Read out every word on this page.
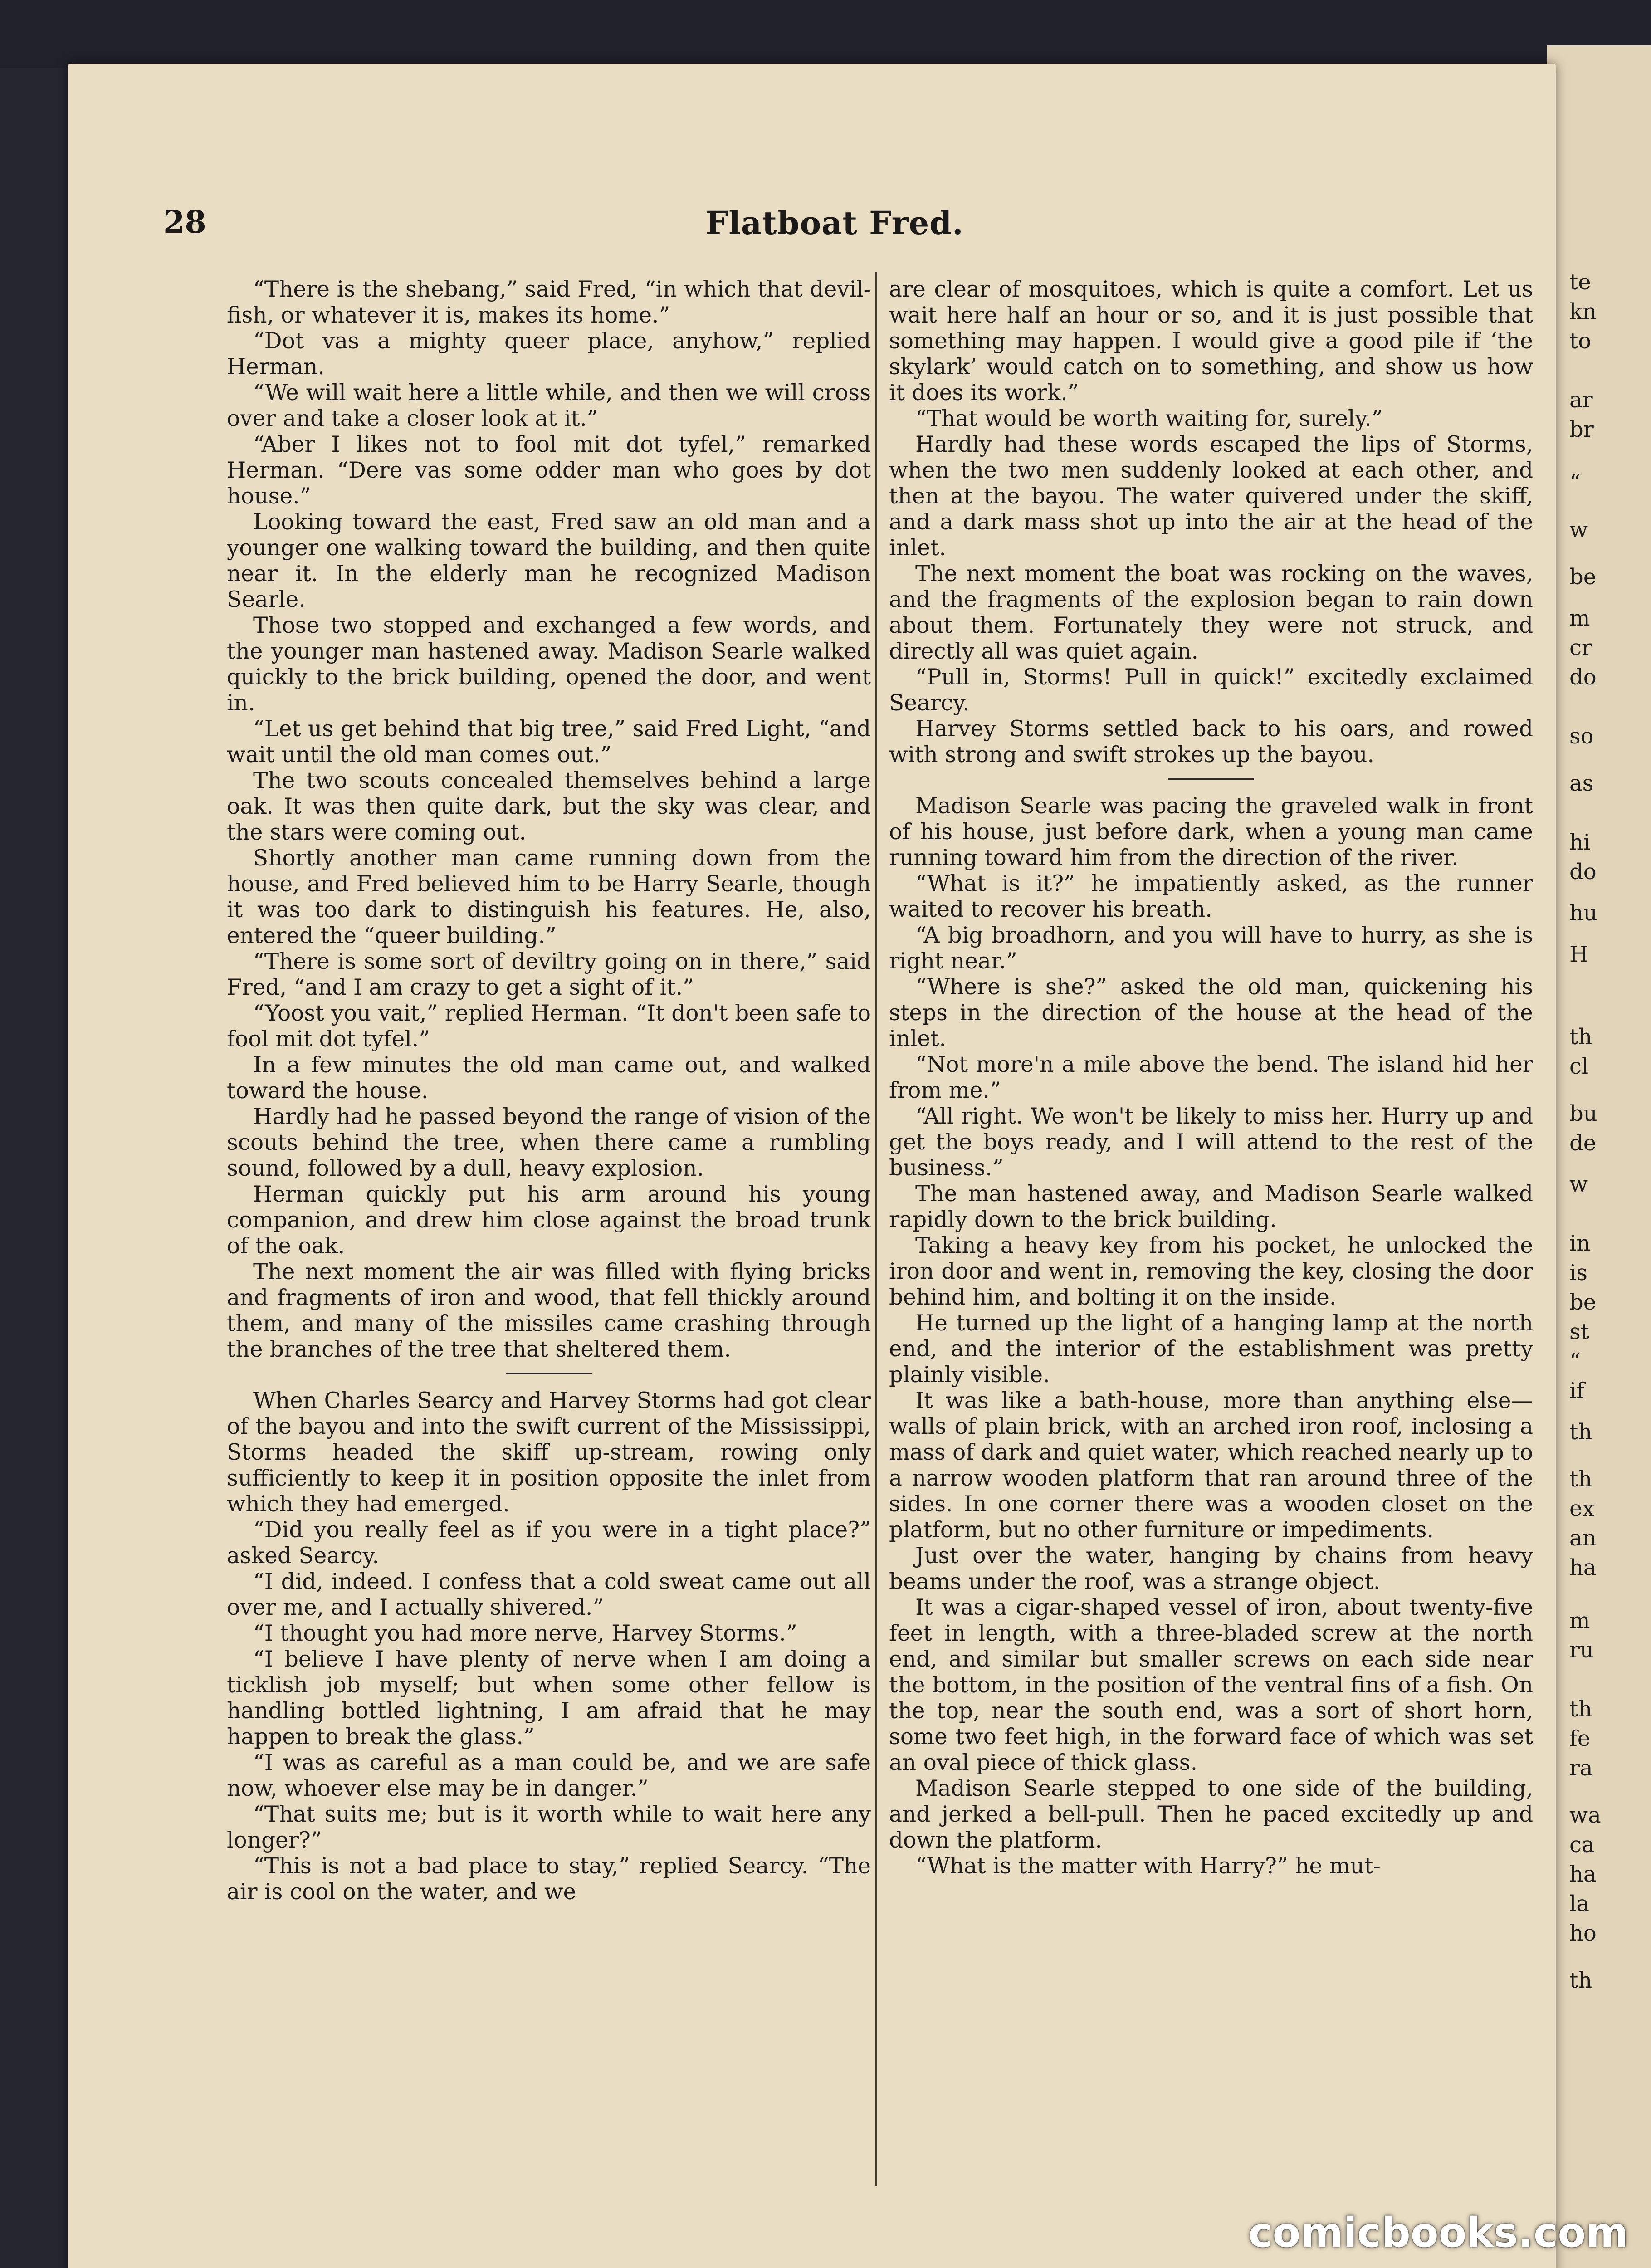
te
kn
to
ar
br
“
w
be
m
cr
do
so
as
hi
do
hu
H
th
cl
bu
de
w
in
is
be
st
“
if
th
th
ex
an
ha
m
ru
th
fe
ra
wa
ca
ha
la
ho
th
28	Flatboat Fred.

“There is the shebang,” said Fred, “in which that devil-fish, or whatever it is, makes its home.”

“Dot vas a mighty queer place, anyhow,” replied Herman.

“We will wait here a little while, and then we will cross over and take a closer look at it.”

“Aber I likes not to fool mit dot tyfel,” remarked Herman. “Dere vas some odder man who goes by dot house.”

Looking toward the east, Fred saw an old man and a younger one walking toward the building, and then quite near it. In the elderly man he recognized Madison Searle.

Those two stopped and exchanged a few words, and the younger man hastened away. Madison Searle walked quickly to the brick building, opened the door, and went in.

“Let us get behind that big tree,” said Fred Light, “and wait until the old man comes out.”

The two scouts concealed themselves behind a large oak. It was then quite dark, but the sky was clear, and the stars were coming out.

Shortly another man came running down from the house, and Fred believed him to be Harry Searle, though it was too dark to distinguish his features. He, also, entered the “queer building.”

“There is some sort of deviltry going on in there,” said Fred, “and I am crazy to get a sight of it.”

“Yoost you vait,” replied Herman. “It don't been safe to fool mit dot tyfel.”

In a few minutes the old man came out, and walked toward the house.

Hardly had he passed beyond the range of vision of the scouts behind the tree, when there came a rumbling sound, followed by a dull, heavy explosion.

Herman quickly put his arm around his young companion, and drew him close against the broad trunk of the oak.

The next moment the air was filled with flying bricks and fragments of iron and wood, that fell thickly around them, and many of the missiles came crashing through the branches of the tree that sheltered them.

When Charles Searcy and Harvey Storms had got clear of the bayou and into the swift current of the Mississippi, Storms headed the skiff up-stream, rowing only sufficiently to keep it in position opposite the inlet from which they had emerged.

“Did you really feel as if you were in a tight place?” asked Searcy.

“I did, indeed. I confess that a cold sweat came out all over me, and I actually shivered.”

“I thought you had more nerve, Harvey Storms.”

“I believe I have plenty of nerve when I am doing a ticklish job myself; but when some other fellow is handling bottled lightning, I am afraid that he may happen to break the glass.”

“I was as careful as a man could be, and we are safe now, whoever else may be in danger.”

“That suits me; but is it worth while to wait here any longer?”

“This is not a bad place to stay,” replied Searcy. “The air is cool on the water, and we

are clear of mosquitoes, which is quite a comfort. Let us wait here half an hour or so, and it is just possible that something may happen. I would give a good pile if ‘the skylark’ would catch on to something, and show us how it does its work.”

“That would be worth waiting for, surely.”

Hardly had these words escaped the lips of Storms, when the two men suddenly looked at each other, and then at the bayou. The water quivered under the skiff, and a dark mass shot up into the air at the head of the inlet.

The next moment the boat was rocking on the waves, and the fragments of the explosion began to rain down about them. Fortunately they were not struck, and directly all was quiet again.

“Pull in, Storms! Pull in quick!” excitedly exclaimed Searcy.

Harvey Storms settled back to his oars, and rowed with strong and swift strokes up the bayou.

Madison Searle was pacing the graveled walk in front of his house, just before dark, when a young man came running toward him from the direction of the river.

“What is it?” he impatiently asked, as the runner waited to recover his breath.

“A big broadhorn, and you will have to hurry, as she is right near.”

“Where is she?” asked the old man, quickening his steps in the direction of the house at the head of the inlet.

“Not more'n a mile above the bend. The island hid her from me.”

“All right. We won't be likely to miss her. Hurry up and get the boys ready, and I will attend to the rest of the business.”

The man hastened away, and Madison Searle walked rapidly down to the brick building.

Taking a heavy key from his pocket, he unlocked the iron door and went in, removing the key, closing the door behind him, and bolting it on the inside.

He turned up the light of a hanging lamp at the north end, and the interior of the establishment was pretty plainly visible.

It was like a bath-house, more than anything else—walls of plain brick, with an arched iron roof, inclosing a mass of dark and quiet water, which reached nearly up to a narrow wooden platform that ran around three of the sides. In one corner there was a wooden closet on the platform, but no other furniture or impediments.

Just over the water, hanging by chains from heavy beams under the roof, was a strange object.

It was a cigar-shaped vessel of iron, about twenty-five feet in length, with a three-bladed screw at the north end, and similar but smaller screws on each side near the bottom, in the position of the ventral fins of a fish. On the top, near the south end, was a sort of short horn, some two feet high, in the forward face of which was set an oval piece of thick glass.

Madison Searle stepped to one side of the building, and jerked a bell-pull. Then he paced excitedly up and down the platform.

“What is the matter with Harry?” he mut-

comicbooks.com
